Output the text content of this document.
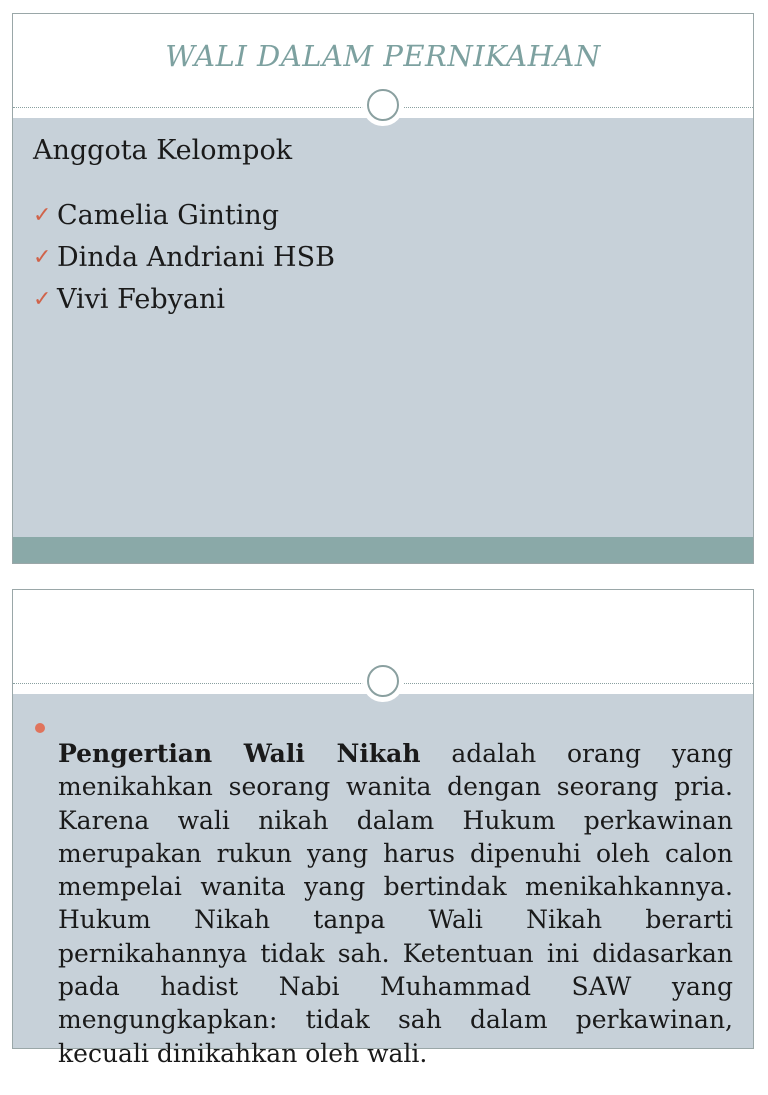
WALI DALAM PERNIKAHAN
Anggota Kelompok
✓ Camelia Ginting
✓ Dinda Andriani HSB
✓ Vivi Febyani

Pengertian Wali Nikah adalah orang yang menikahkan seorang wanita dengan seorang pria. Karena wali nikah dalam Hukum perkawinan merupakan rukun yang harus dipenuhi oleh calon mempelai wanita yang bertindak menikahkannya. Hukum Nikah tanpa Wali Nikah berarti pernikahannya tidak sah. Ketentuan ini didasarkan pada hadist Nabi Muhammad SAW yang mengungkapkan: tidak sah dalam perkawinan, kecuali dinikahkan oleh wali.
